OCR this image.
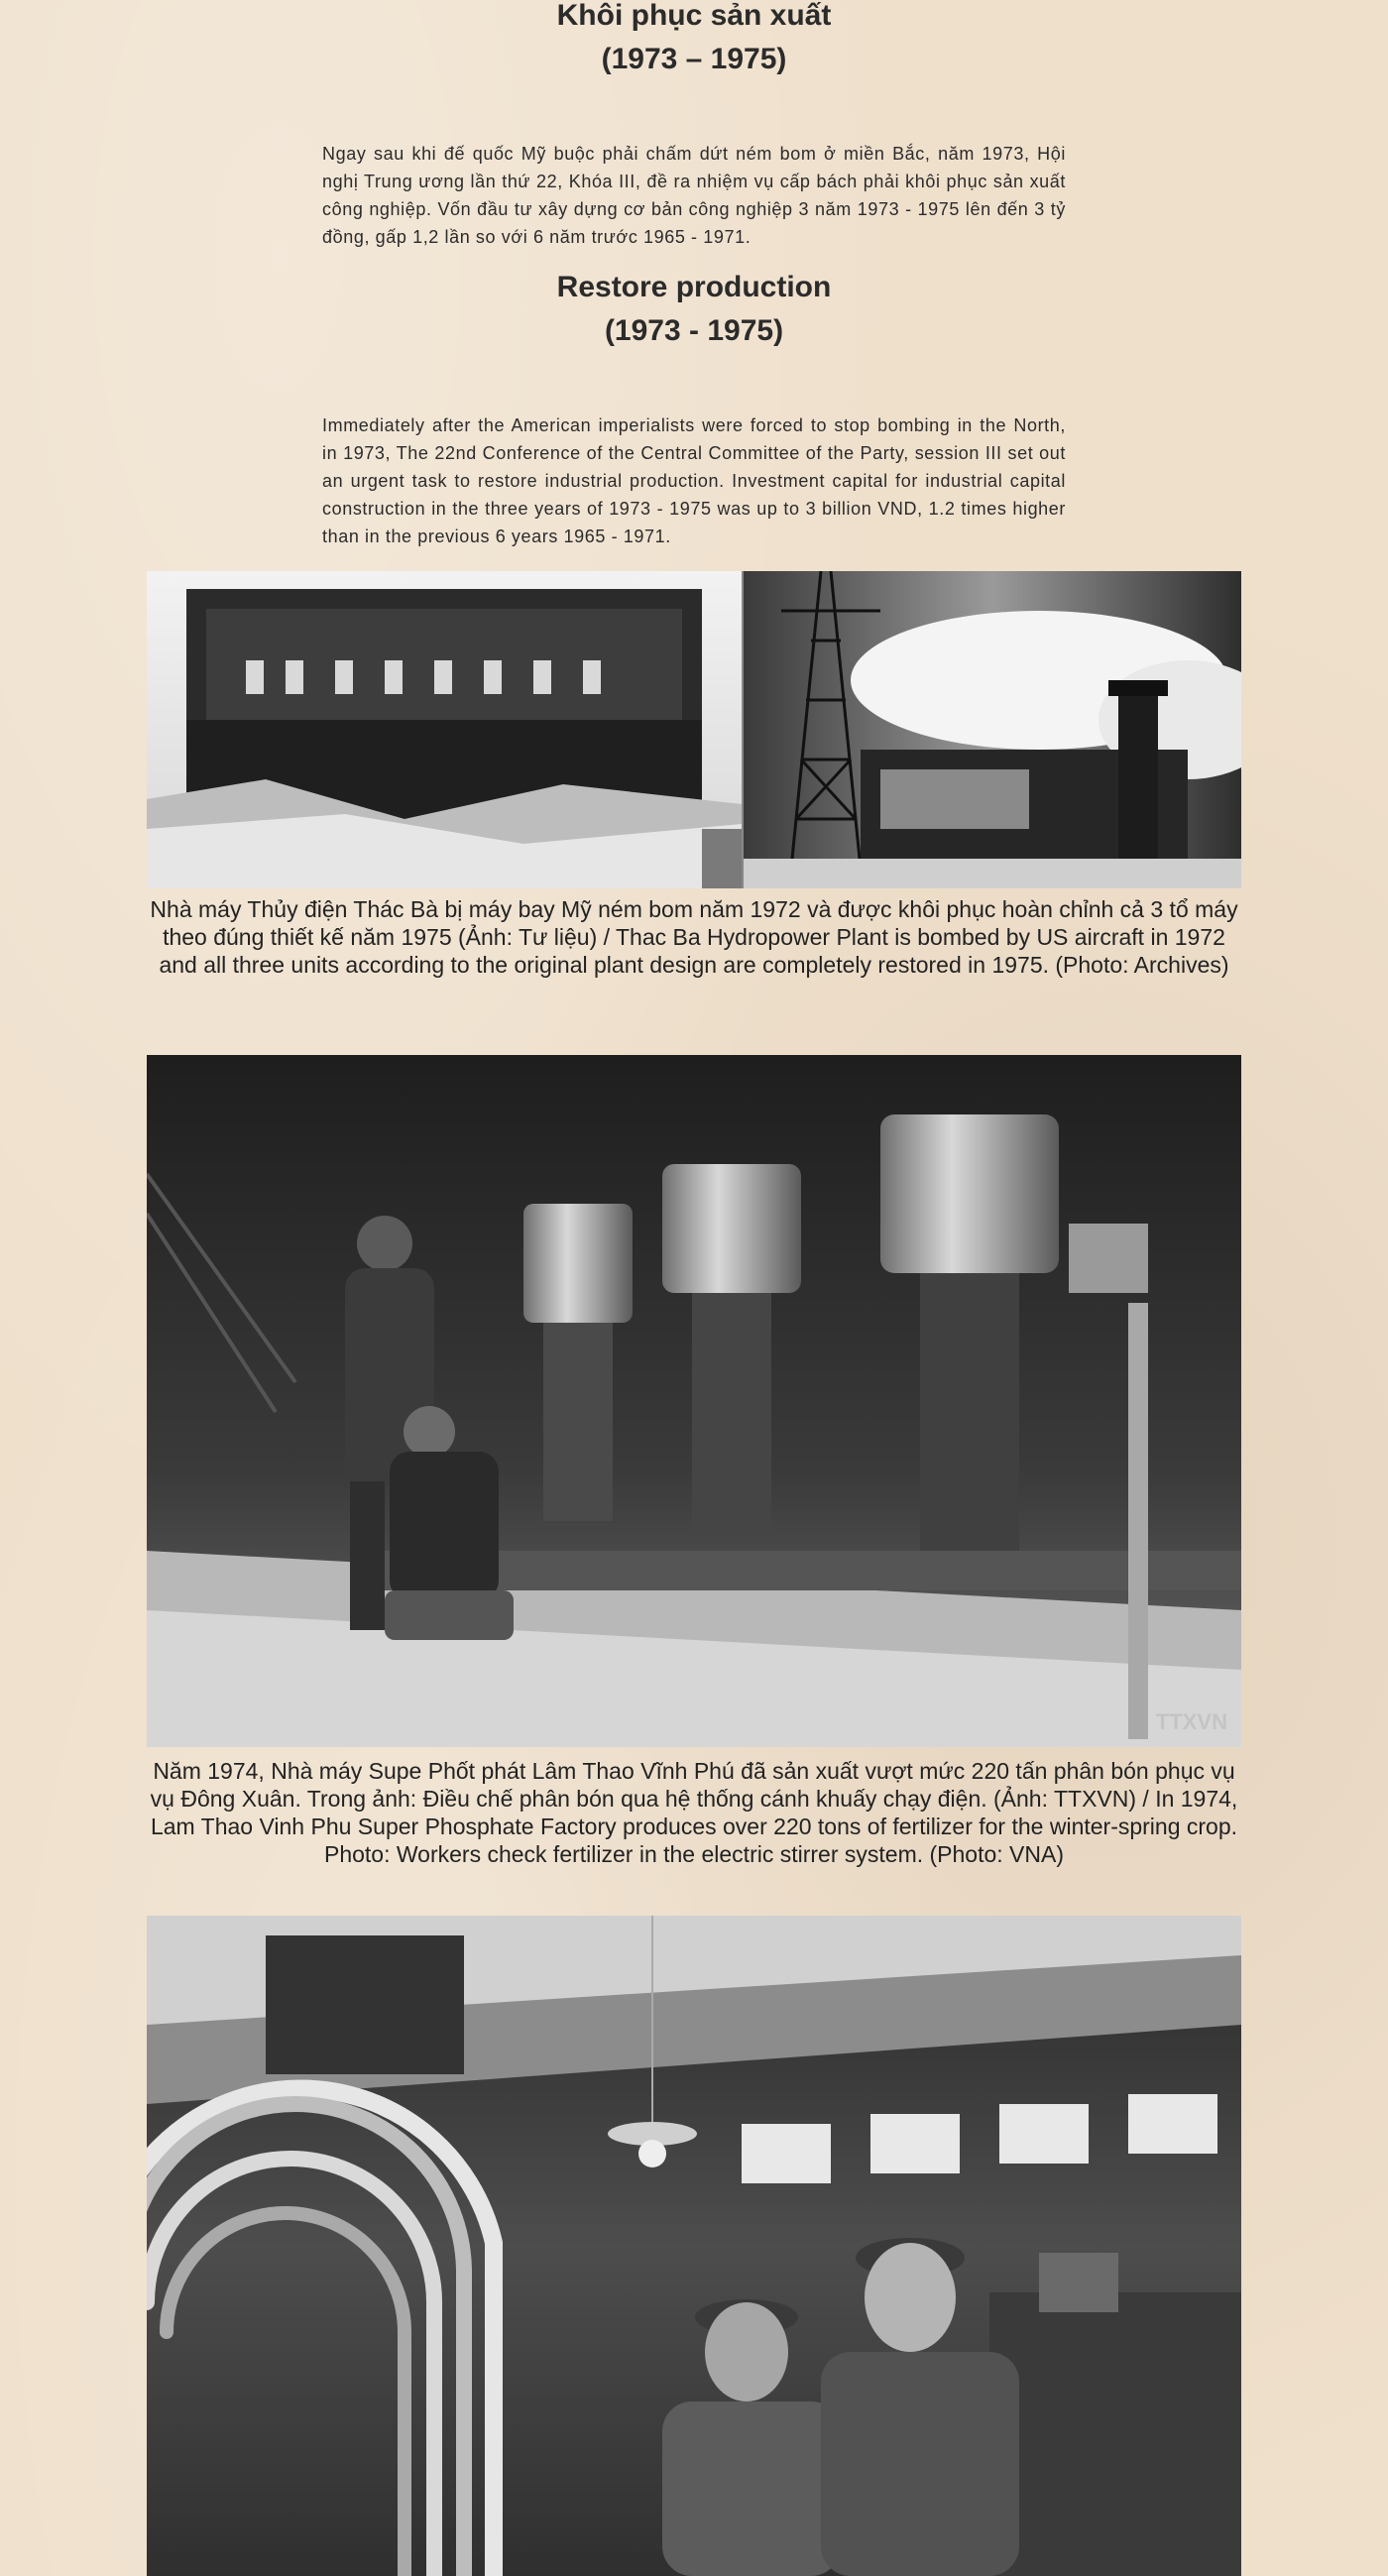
Khôi phục sản xuất
(1973 – 1975)
Ngay sau khi đế quốc Mỹ buộc phải chấm dứt ném bom ở miền Bắc, năm 1973, Hội nghị Trung ương lần thứ 22, Khóa III, đề ra nhiệm vụ cấp bách phải khôi phục sản xuất công nghiệp. Vốn đầu tư xây dựng cơ bản công nghiệp 3 năm 1973 - 1975 lên đến 3 tỷ đồng, gấp 1,2 lần so với 6 năm trước 1965 - 1971.
Restore production
(1973 - 1975)
Immediately after the American imperialists were forced to stop bombing in the North, in 1973, The 22nd Conference of the Central Committee of the Party, session III set out an urgent task to restore industrial production. Investment capital for industrial capital construction in the three years of 1973 - 1975 was up to 3 billion VND, 1.2 times higher than in the previous 6 years 1965 - 1971.
Nhà máy Thủy điện Thác Bà bị máy bay Mỹ ném bom năm 1972 và được khôi phục hoàn chỉnh cả 3 tổ máy theo đúng thiết kế năm 1975 (Ảnh: Tư liệu) / Thac Ba Hydropower Plant is bombed by US aircraft in 1972 and all three units according to the original plant design are completely restored in 1975. (Photo: Archives)
TTXVN
Năm 1974, Nhà máy Supe Phốt phát Lâm Thao Vĩnh Phú đã sản xuất vượt mức 220 tấn phân bón phục vụ vụ Đông Xuân. Trong ảnh: Điều chế phân bón qua hệ thống cánh khuấy chạy điện. (Ảnh: TTXVN) / In 1974, Lam Thao Vinh Phu Super Phosphate Factory produces over 220 tons of fertilizer for the winter-spring crop. Photo: Workers check fertilizer in the electric stirrer system. (Photo: VNA)
